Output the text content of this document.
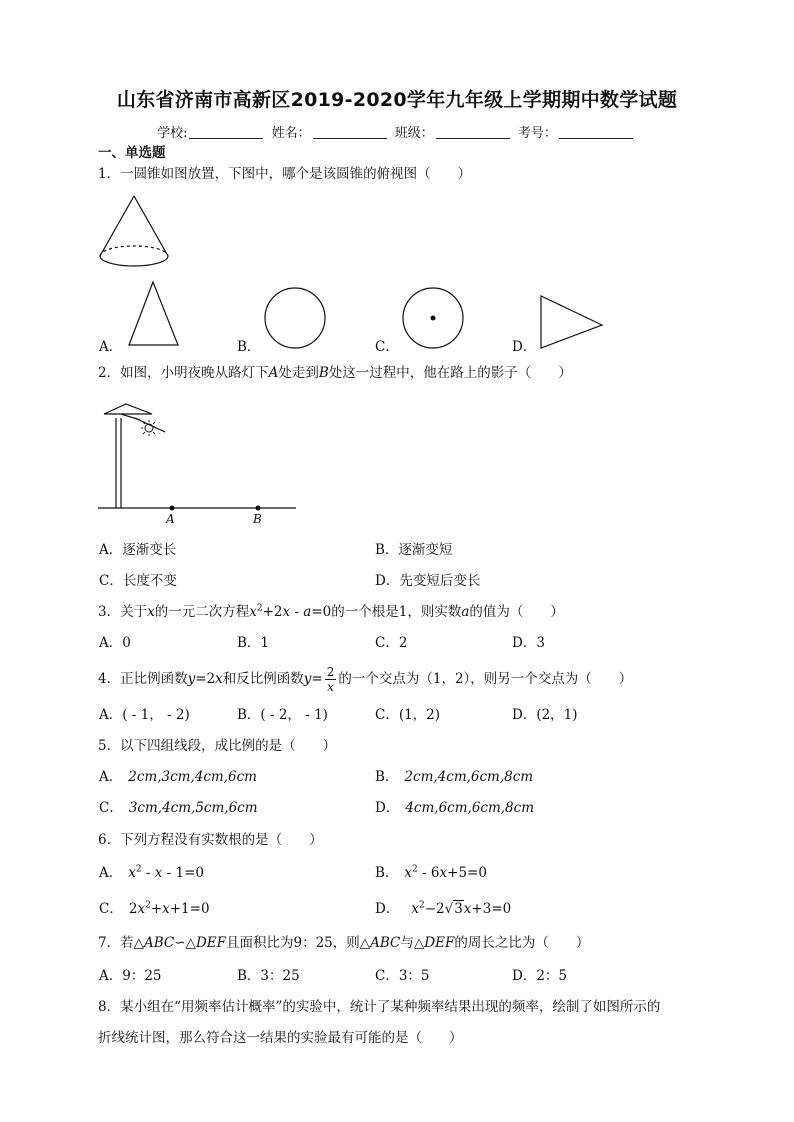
山东省济南市高新区2019-2020学年九年级上学期期中数学试题
学校:	姓名：	班级：	考号：
一、单选题
1．一圆锥如图放置，下图中，哪个是该圆锥的俯视图（　　）
A．	B．	C．	D．
2．如图，小明夜晚从路灯下A处走到B处这一过程中，他在路上的影子（　　）
A	B
A．逐渐变长	B．逐渐变短
C．长度不变	D．先变短后变长
3．关于x的一元二次方程$x^2+2x - a=0$的一个根是1，则实数a的值为（　　）
A．0	B．1	C．2	D．3
4．正比例函数y=2x和反比例函数$y= \frac{2}{x}$ 的一个交点为（1，2），则另一个交点为（　　）
A．( - 1， - 2)	B．( - 2， - 1)	C．(1，2)	D．(2，1)
5．以下四组线段，成比例的是（　　）
A． 2cm,3cm,4cm,6cm	B． 2cm,4cm,6cm,8cm
C． 3cm,4cm,5cm,6cm	D． 4cm,6cm,6cm,8cm
6．下列方程没有实数根的是（　　）
A． $x^2 - x - 1=0$	B． $x^2 - 6x+5=0$
C． $2x^2+x+1=0$	D． $x^2-2√3x+3=0$
7．若△ABC∽△DEF且面积比为9：25，则△ABC与△DEF的周长之比为（　　）
A．9：25	B．3：25	C．3：5	D．2：5
8．某小组在“用频率估计概率”的实验中，统计了某种频率结果出现的频率，绘制了如图所示的
折线统计图，那么符合这一结果的实验最有可能的是（　　）
